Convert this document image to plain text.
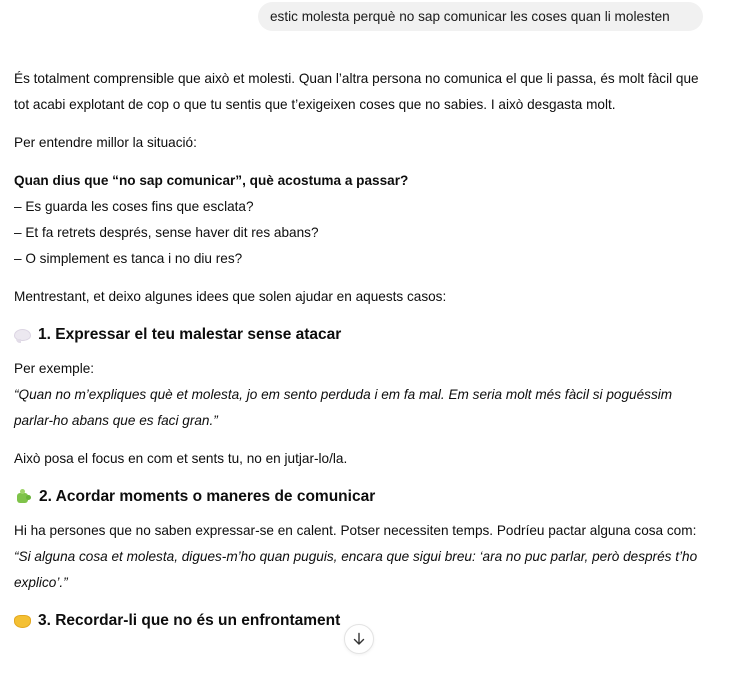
estic molesta perquè no sap comunicar les coses quan li molesten
És totalment comprensible que això et molesti. Quan l’altra persona no comunica el que li passa, és molt fàcil que tot acabi explotant de cop o que tu sentis que t’exigeixen coses que no sabies. I això desgasta molt.
Per entendre millor la situació:
Quan dius que “no sap comunicar”, què acostuma a passar?
– Es guarda les coses fins que esclata?
– Et fa retrets després, sense haver dit res abans?
– O simplement es tanca i no diu res?
Mentrestant, et deixo algunes idees que solen ajudar en aquests casos:
1. Expressar el teu malestar sense atacar
Per exemple:
“Quan no m’expliques què et molesta, jo em sento perduda i em fa mal. Em seria molt més fàcil si poguéssim parlar-ho abans que es faci gran.”
Això posa el focus en com et sents tu, no en jutjar-lo/la.
2. Acordar moments o maneres de comunicar
Hi ha persones que no saben expressar-se en calent. Potser necessiten temps. Podríeu pactar alguna cosa com:
“Si alguna cosa et molesta, digues-m’ho quan puguis, encara que sigui breu: ‘ara no puc parlar, però després t’ho explico’.”
3. Recordar-li que no és un enfrontament
